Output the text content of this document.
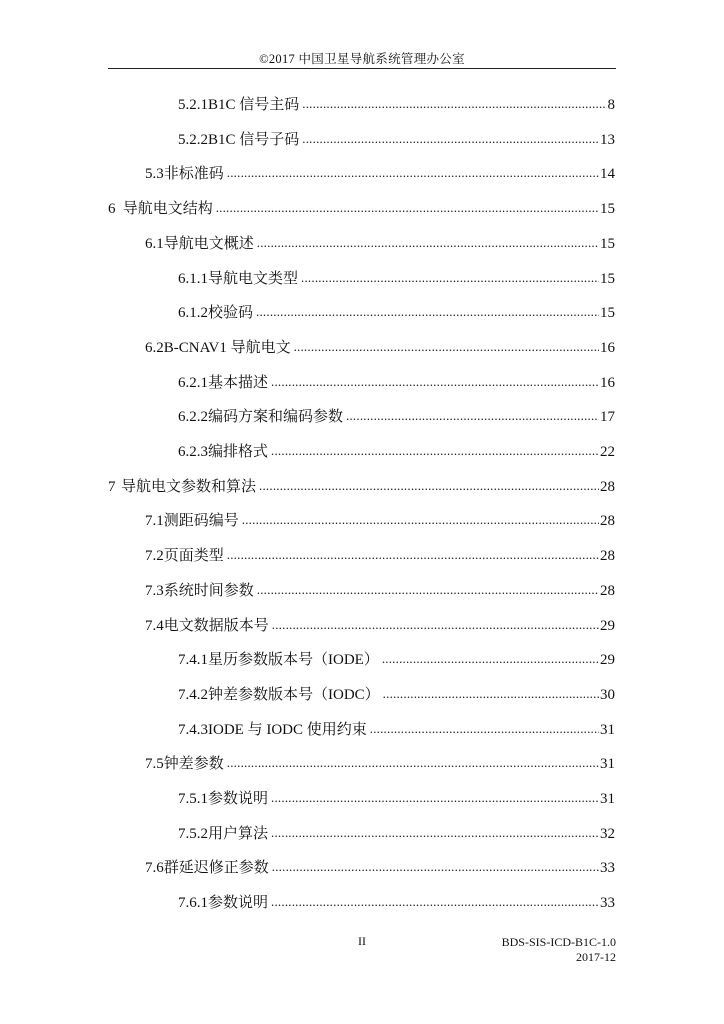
©2017 中国卫星导航系统管理办公室
5.2.1 B1C 信号主码 .....	8
5.2.2 B1C 信号子码 .....	13
5.3 非标准码 .....	14
6 导航电文结构 .....	15
6.1 导航电文概述 .....	15
6.1.1 导航电文类型 .....	15
6.1.2 校验码 .....	15
6.2 B-CNAV1 导航电文 .....	16
6.2.1 基本描述 .....	16
6.2.2 编码方案和编码参数 .....	17
6.2.3 编排格式 .....	22
7 导航电文参数和算法 .....	28
7.1 测距码编号 .....	28
7.2 页面类型 .....	28
7.3 系统时间参数 .....	28
7.4 电文数据版本号 .....	29
7.4.1 星历参数版本号（IODE） .....	29
7.4.2 钟差参数版本号（IODC） .....	30
7.4.3 IODE 与 IODC 使用约束 .....	31
7.5 钟差参数 .....	31
7.5.1 参数说明 .....	31
7.5.2 用户算法 .....	32
7.6 群延迟修正参数 .....	33
7.6.1 参数说明 .....	33
II	BDS-SIS-ICD-B1C-1.0
2017-12
